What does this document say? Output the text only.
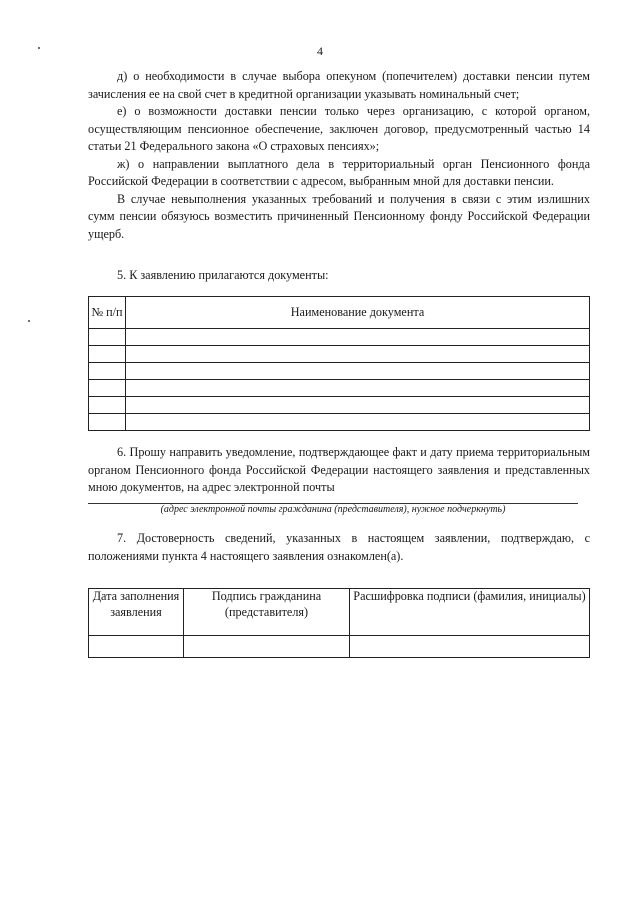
4

д) о необходимости в случае выбора опекуном (попечителем) доставки пенсии путем зачисления ее на свой счет в кредитной организации указывать номинальный счет;

е) о возможности доставки пенсии только через организацию, с которой органом, осуществляющим пенсионное обеспечение, заключен договор, предусмотренный частью 14 статьи 21 Федерального закона «О страховых пенсиях»;

ж) о направлении выплатного дела в территориальный орган Пенсионного фонда Российской Федерации в соответствии с адресом, выбранным мной для доставки пенсии.

В случае невыполнения указанных требований и получения в связи с этим излишних сумм пенсии обязуюсь возместить причиненный Пенсионному фонду Российской Федерации ущерб.

5. К заявлению прилагаются документы:

№ п/п	Наименование документа

6. Прошу направить уведомление, подтверждающее факт и дату приема территориальным органом Пенсионного фонда Российской Федерации настоящего заявления и представленных мною документов, на адрес электронной почты

(адрес электронной почты гражданина (представителя), нужное подчеркнуть)

7. Достоверность сведений, указанных в настоящем заявлении, подтверждаю, с положениями пункта 4 настоящего заявления ознакомлен(а).

Дата заполнения заявления	Подпись гражданина (представителя)	Расшифровка подписи (фамилия, инициалы)
